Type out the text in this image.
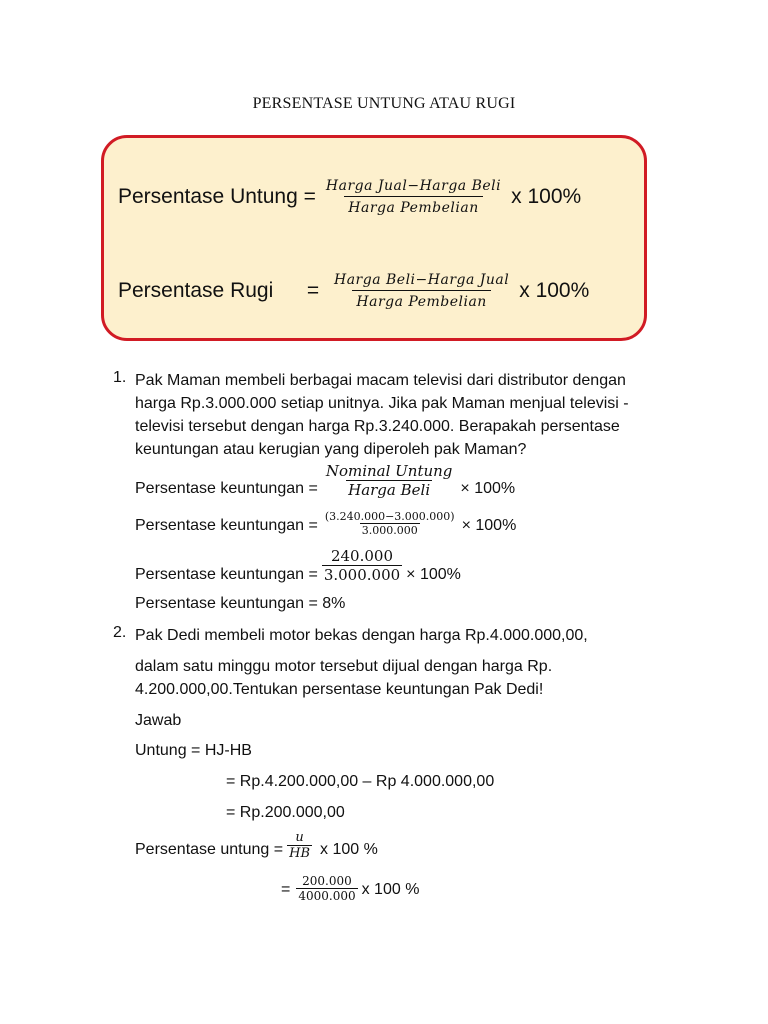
PERSENTASE UNTUNG ATAU RUGI
Persentase Untung = $\frac{\text{Harga Jual−Harga Beli}}{\text{Harga Pembelian}}$ x 100%
Persentase Rugi	= $\frac{\text{Harga Beli−Harga Jual}}{\text{Harga Pembelian}}$ x 100%
1. Pak Maman membeli berbagai macam televisi dari distributor dengan
harga Rp.3.000.000 setiap unitnya. Jika pak Maman menjual televisi -
televisi tersebut dengan harga Rp.3.240.000. Berapakah persentase
keuntungan atau kerugian yang diperoleh pak Maman?
Persentase keuntungan = $\frac{\text{Nominal Untung}}{\text{Harga Beli}} \times 100\%$
Persentase keuntungan = $\frac{(3.240.000-3.000.000)}{3.000.000} \times 100\%$
Persentase keuntungan = $\frac{240.000}{3.000.000} \times 100\%$
Persentase keuntungan = 8%
2. Pak Dedi membeli motor bekas dengan harga Rp.4.000.000,00,
dalam satu minggu motor tersebut dijual dengan harga Rp.
4.200.000,00.Tentukan persentase keuntungan Pak Dedi!
Jawab
Untung = HJ-HB
= Rp.4.200.000,00 – Rp 4.000.000,00
= Rp.200.000,00
Persentase untung = $\frac{u}{HB}$ x 100 %
= $\frac{200.000}{4000.000}$ x 100 %
